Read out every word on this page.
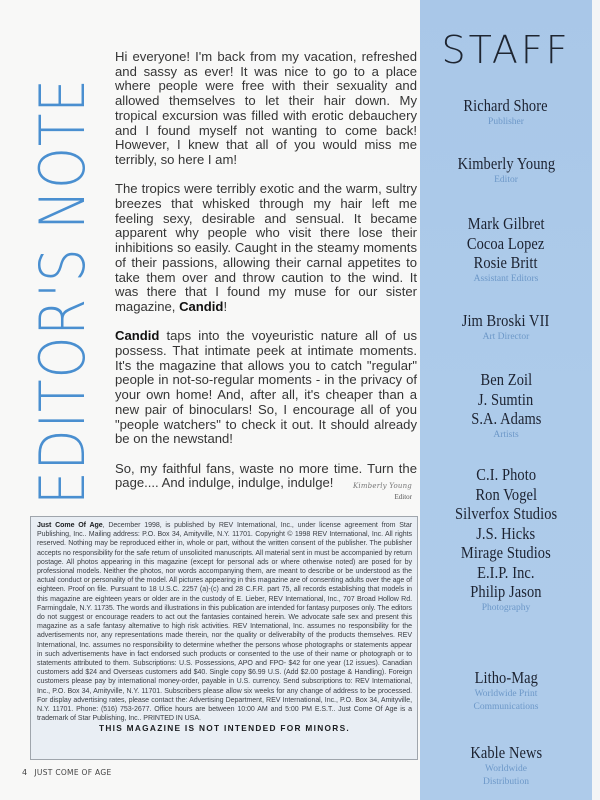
EDITOR'S NOTE

Hi everyone! I'm back from my vacation, refreshed and sassy as ever! It was nice to go to a place where people were free with their sexuality and allowed themselves to let their hair down. My tropical excursion was filled with erotic debauchery and I found myself not wanting to come back! However, I knew that all of you would miss me terribly, so here I am!

The tropics were terribly exotic and the warm, sultry breezes that whisked through my hair left me feeling sexy, desirable and sensual. It became apparent why people who visit there lose their inhibitions so easily. Caught in the steamy moments of their passions, allowing their carnal appetites to take them over and throw caution to the wind. It was there that I found my muse for our sister magazine, Candid!

Candid taps into the voyeuristic nature all of us possess. That intimate peek at intimate moments. It's the magazine that allows you to catch "regular" people in not-so-regular moments - in the privacy of your own home! And, after all, it's cheaper than a new pair of binoculars! So, I encourage all of you "people watchers" to check it out. It should already be on the newstand!

So, my faithful fans, waste no more time. Turn the page.... And indulge, indulge, indulge!	Kimberly Young
Editor
Just Come Of Age, December 1998, is published by REV International, Inc., under license agreement from Star Publishing, Inc.. Mailing address: P.O. Box 34, Amityville, N.Y. 11701. Copyright © 1998 REV International, Inc. All rights reserved. Nothing may be reproduced either in, whole or part, without the written consent of the publisher. The publisher accepts no responsibility for the safe return of unsolicited manuscripts. All material sent in must be accompanied by return postage. All photos appearing in this magazine (except for personal ads or where otherwise noted) are posed for by professional models. Neither the photos, nor words accompanying them, are meant to describe or be understood as the actual conduct or personality of the model. All pictures appearing in this magazine are of consenting adults over the age of eighteen. Proof on file. Pursuant to 18 U.S.C. 2257 (a)-(c) and 28 C.F.R. part 75, all records establishing that models in this magazine are eighteen years or older are in the custody of E. Lieber, REV International, Inc., 707 Broad Hollow Rd. Farmingdale, N.Y. 11735. The words and illustrations in this publication are intended for fantasy purposes only. The editors do not suggest or encourage readers to act out the fantasies contained herein. We advocate safe sex and present this magazine as a safe fantasy alternative to high risk activities. REV International, Inc. assumes no responsibility for the advertisements nor, any representations made therein, nor the quality or deliverabilty of the products themselves. REV International, Inc. assumes no responsibility to determine whether the persons whose photographs or statements appear in such advertisements have in fact endorsed such products or consented to the use of their name or photograph or to statements attributed to them. Subscriptions: U.S. Possessions, APO and FPO- $42 for one year (12 issues). Canadian customers add $24 and Overseas customers add $40. Single copy $6.99 U.S. (Add $2.00 postage & Handling). Foreign customers please pay by international money-order, payable in U.S. currency. Send subscriptions to: REV International, Inc., P.O. Box 34, Amityville, N.Y. 11701. Subscribers please allow six weeks for any change of address to be processed. For display advertising rates, please contact the: Advertising Department, REV International, Inc., P.O. Box 34, Amityville, N.Y. 11701. Phone: (516) 753-2677. Office hours are between 10:00 AM and 5:00 PM E.S.T.. Just Come Of Age is a trademark of Star Publishing, Inc.. PRINTED IN USA.
THIS MAGAZINE IS NOT INTENDED FOR MINORS.
4 JUST COME OF AGE
STAFF
Richard Shore
Publisher
Kimberly Young
Editor
Mark Gilbret
Cocoa Lopez
Rosie Britt
Assistant Editors
Jim Broski VII
Art Director
Ben Zoil
J. Sumtin
S.A. Adams
Artists
C.I. Photo
Ron Vogel
Silverfox Studios
J.S. Hicks
Mirage Studios
E.I.P. Inc.
Philip Jason
Photography
Litho-Mag
Worldwide Print Communications
Kable News
Worldwide Distribution
